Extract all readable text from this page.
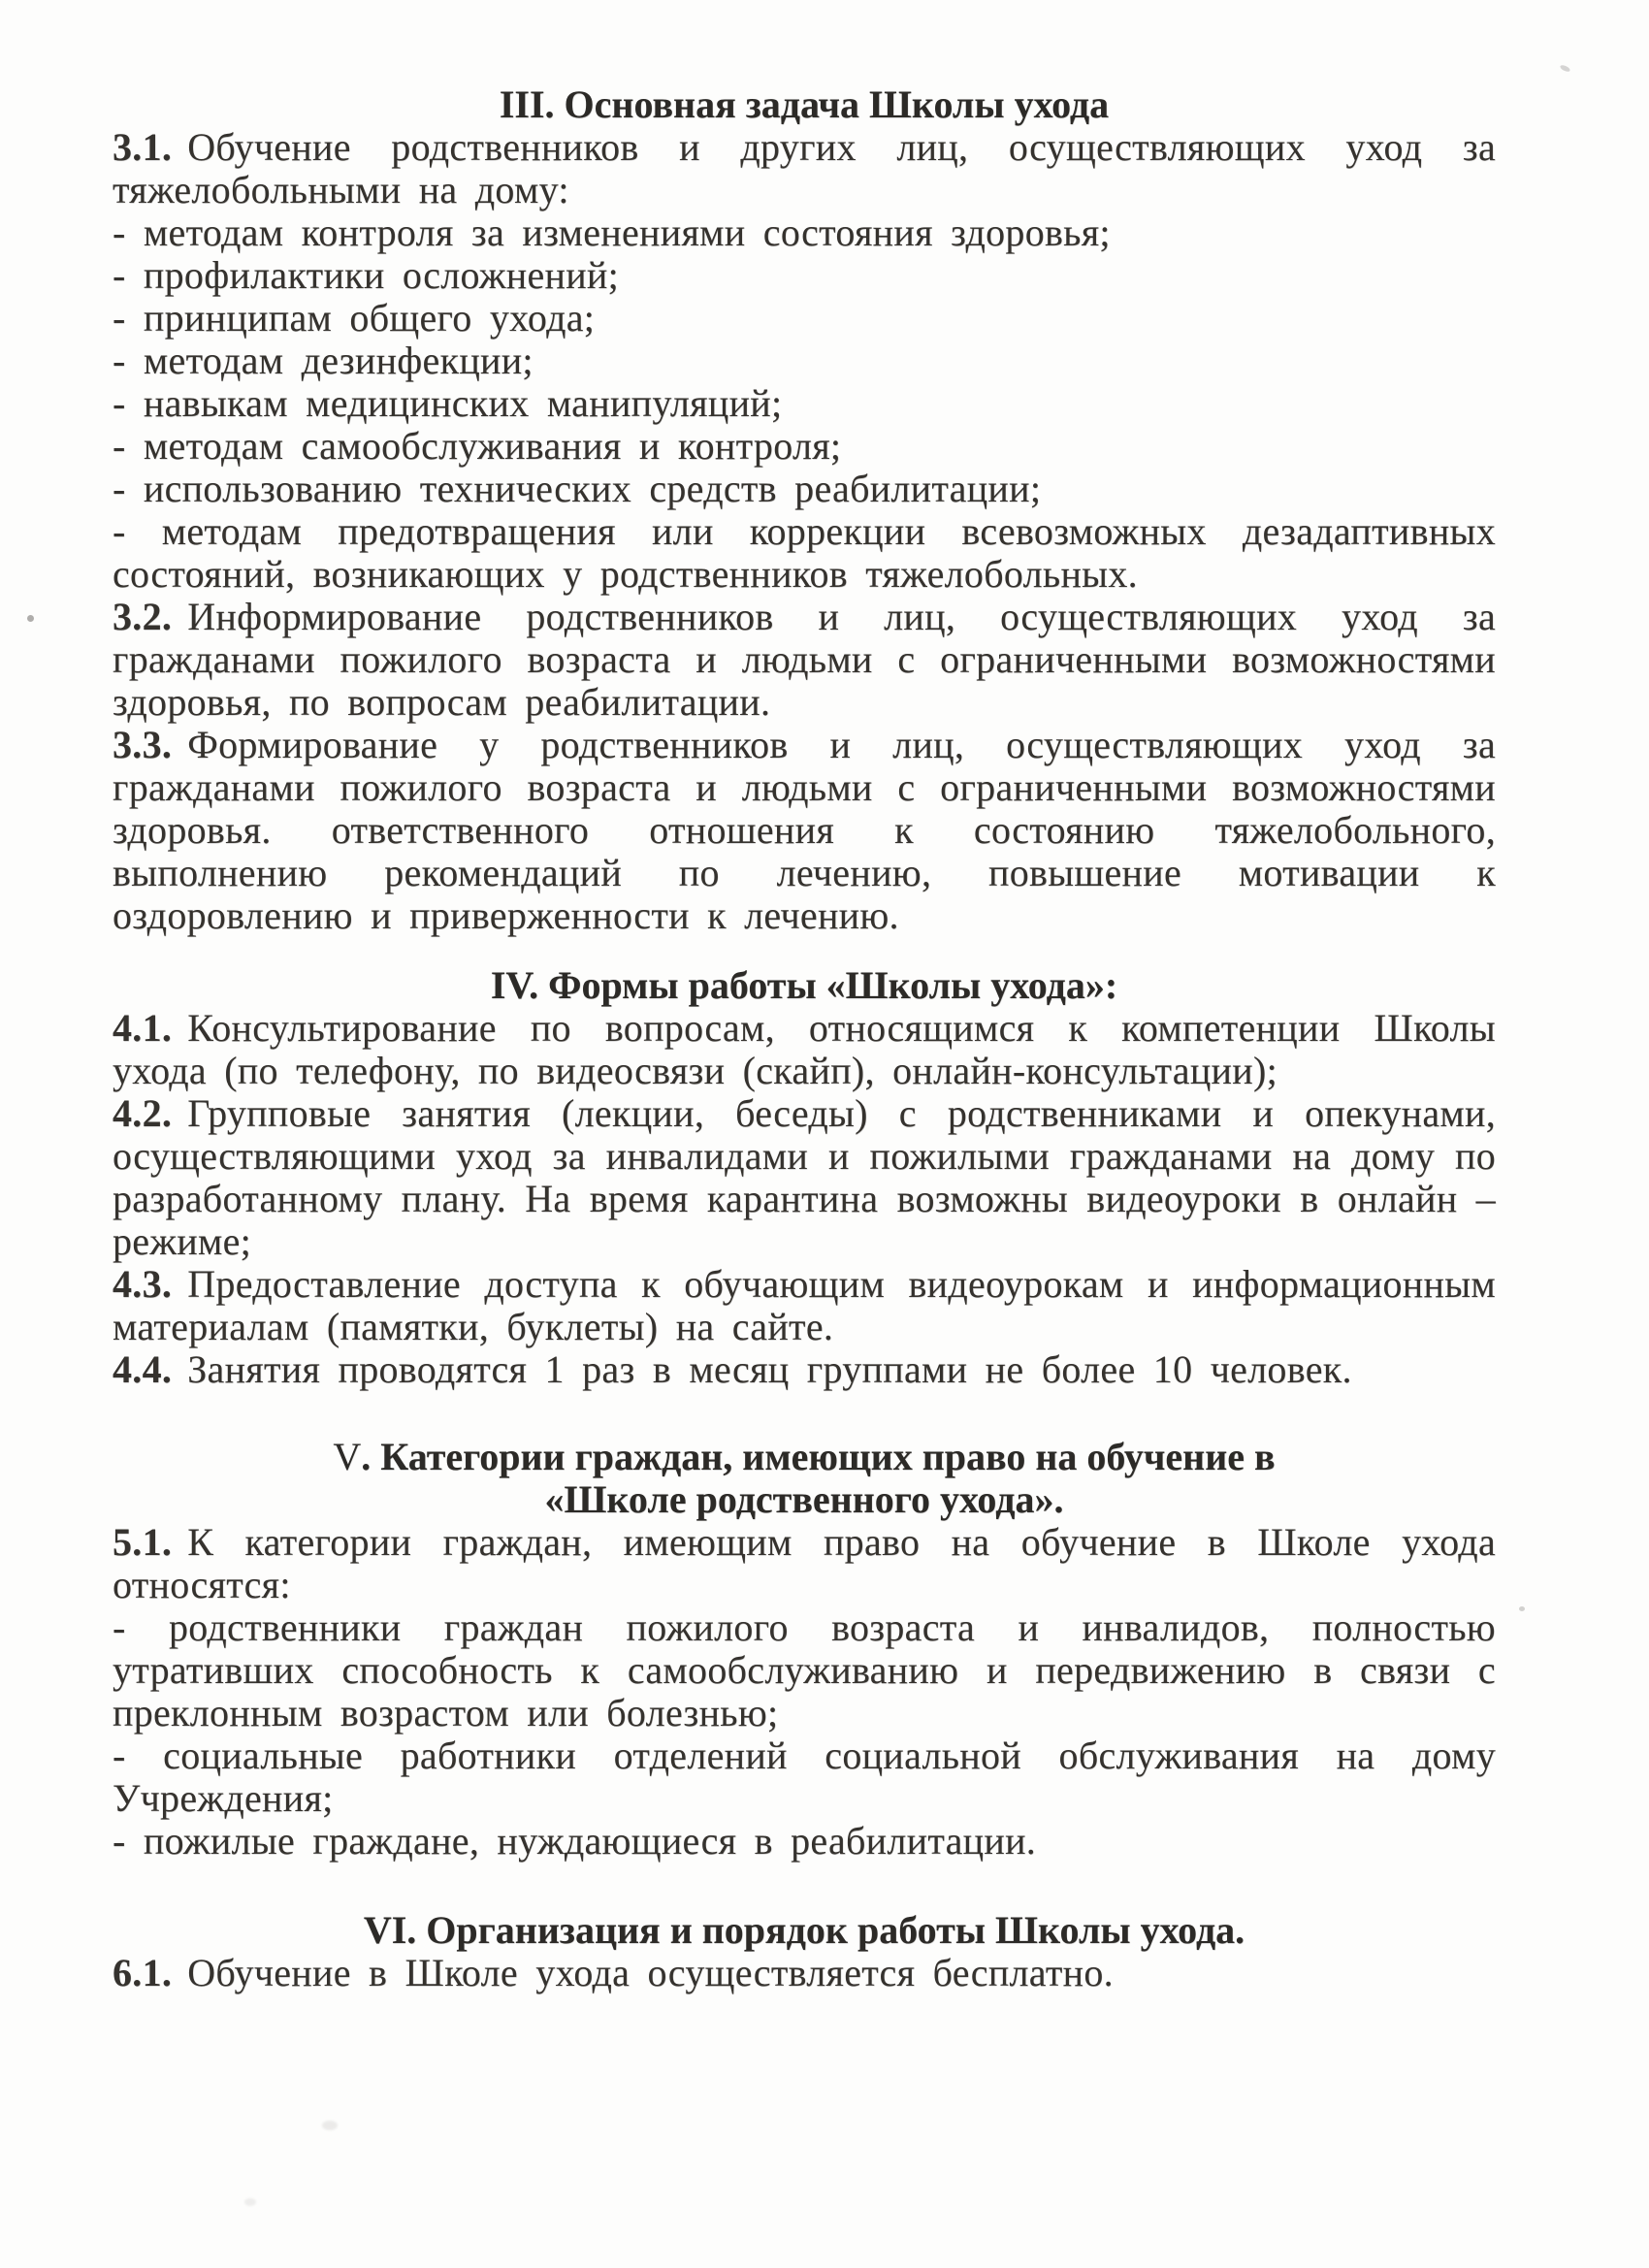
III. Основная задача Школы ухода

3.1. Обучение родственников и других лиц, осуществляющих уход за тяжелобольными на дому:

- методам контроля за изменениями состояния здоровья;

- профилактики осложнений;

- принципам общего ухода;

- методам дезинфекции;

- навыкам медицинских манипуляций;

- методам самообслуживания и контроля;

- использованию технических средств реабилитации;

- методам предотвращения или коррекции всевозможных дезадаптивных состояний, возникающих у родственников тяжелобольных.

3.2. Информирование родственников и лиц, осуществляющих уход за гражданами пожилого возраста и людьми с ограниченными возможностями здоровья, по вопросам реабилитации.

3.3. Формирование у родственников и лиц, осуществляющих уход за гражданами пожилого возраста и людьми с ограниченными возможностями здоровья. ответственного отношения к состоянию тяжелобольного, выполнению рекомендаций по лечению, повышение мотивации к оздоровлению и приверженности к лечению.

IV. Формы работы «Школы ухода»:

4.1. Консультирование по вопросам, относящимся к компетенции Школы ухода (по телефону, по видеосвязи (скайп), онлайн-консультации);

4.2. Групповые занятия (лекции, беседы) с родственниками и опекунами, осуществляющими уход за инвалидами и пожилыми гражданами на дому по разработанному плану. На время карантина возможны видеоуроки в онлайн – режиме;

4.3. Предоставление доступа к обучающим видеоурокам и информационным материалам (памятки, буклеты) на сайте.

4.4. Занятия проводятся 1 раз в месяц группами не более 10 человек.

V. Категории граждан, имеющих право на обучение в
«Школе родственного ухода».

5.1. К категории граждан, имеющим право на обучение в Школе ухода относятся:

- родственники граждан пожилого возраста и инвалидов, полностью утративших способность к самообслуживанию и передвижению в связи с преклонным возрастом или болезнью;

- социальные работники отделений социальной обслуживания на дому Учреждения;

- пожилые граждане, нуждающиеся в реабилитации.

VI. Организация и порядок работы Школы ухода.

6.1. Обучение в Школе ухода осуществляется бесплатно.
